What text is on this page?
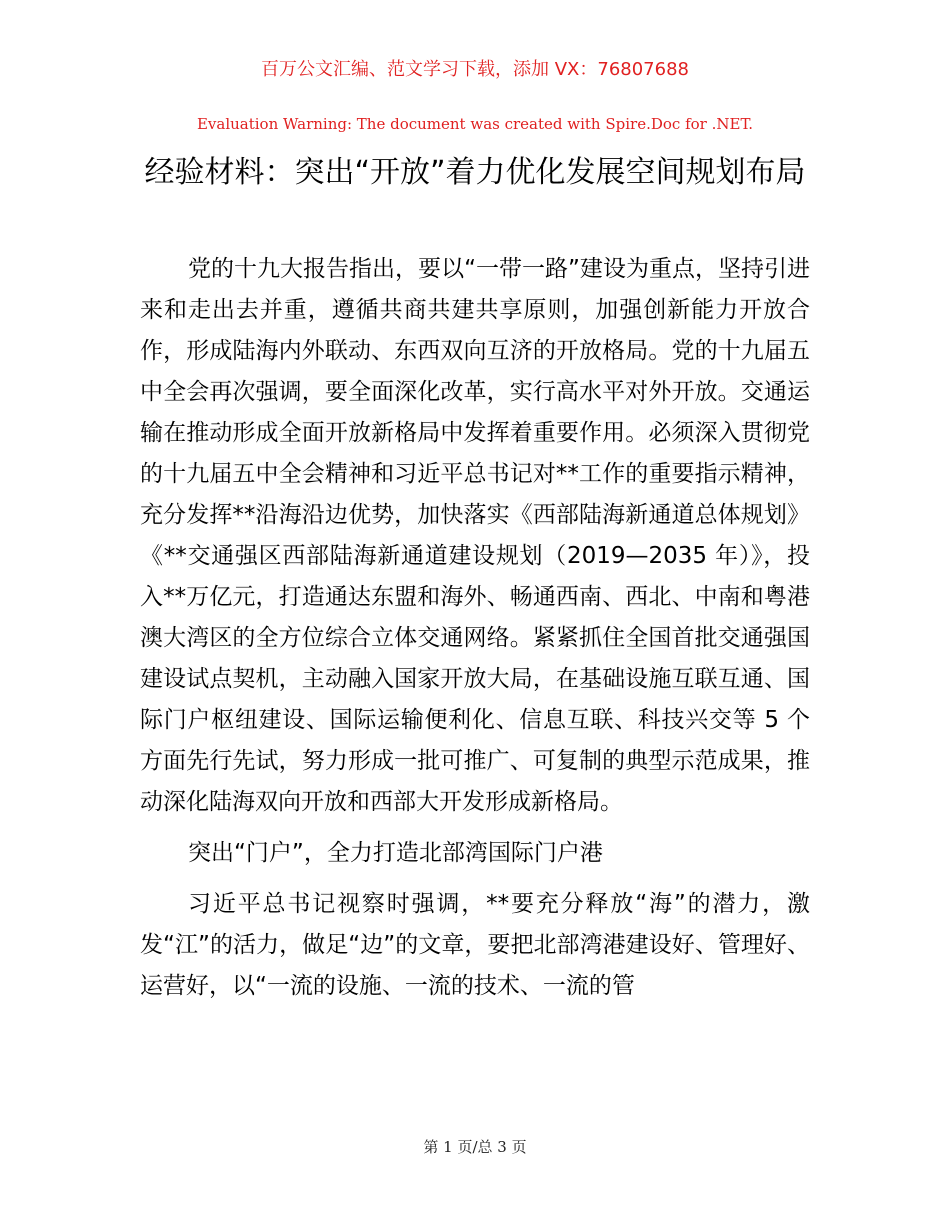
百万公文汇编、范文学习下载，添加 VX：76807688
Evaluation Warning: The document was created with Spire.Doc for .NET.
经验材料：突出“开放”着力优化发展空间规划布局

党的十九大报告指出，要以“一带一路”建设为重点，坚持引进来和走出去并重，遵循共商共建共享原则，加强创新能力开放合作，形成陆海内外联动、东西双向互济的开放格局。党的十九届五中全会再次强调，要全面深化改革，实行高水平对外开放。交通运输在推动形成全面开放新格局中发挥着重要作用。必须深入贯彻党的十九届五中全会精神和习近平总书记对**工作的重要指示精神，充分发挥**沿海沿边优势，加快落实《西部陆海新通道总体规划》《**交通强区西部陆海新通道建设规划（2019—2035 年）》，投入**万亿元，打造通达东盟和海外、畅通西南、西北、中南和粤港澳大湾区的全方位综合立体交通网络。紧紧抓住全国首批交通强国建设试点契机，主动融入国家开放大局，在基础设施互联互通、国际门户枢纽建设、国际运输便利化、信息互联、科技兴交等 5 个方面先行先试，努力形成一批可推广、可复制的典型示范成果，推动深化陆海双向开放和西部大开发形成新格局。

突出“门户”，全力打造北部湾国际门户港

习近平总书记视察时强调，**要充分释放“海”的潜力，激发“江”的活力，做足“边”的文章，要把北部湾港建设好、管理好、运营好，以“一流的设施、一流的技术、一流的管

第 1 页/总 3 页
